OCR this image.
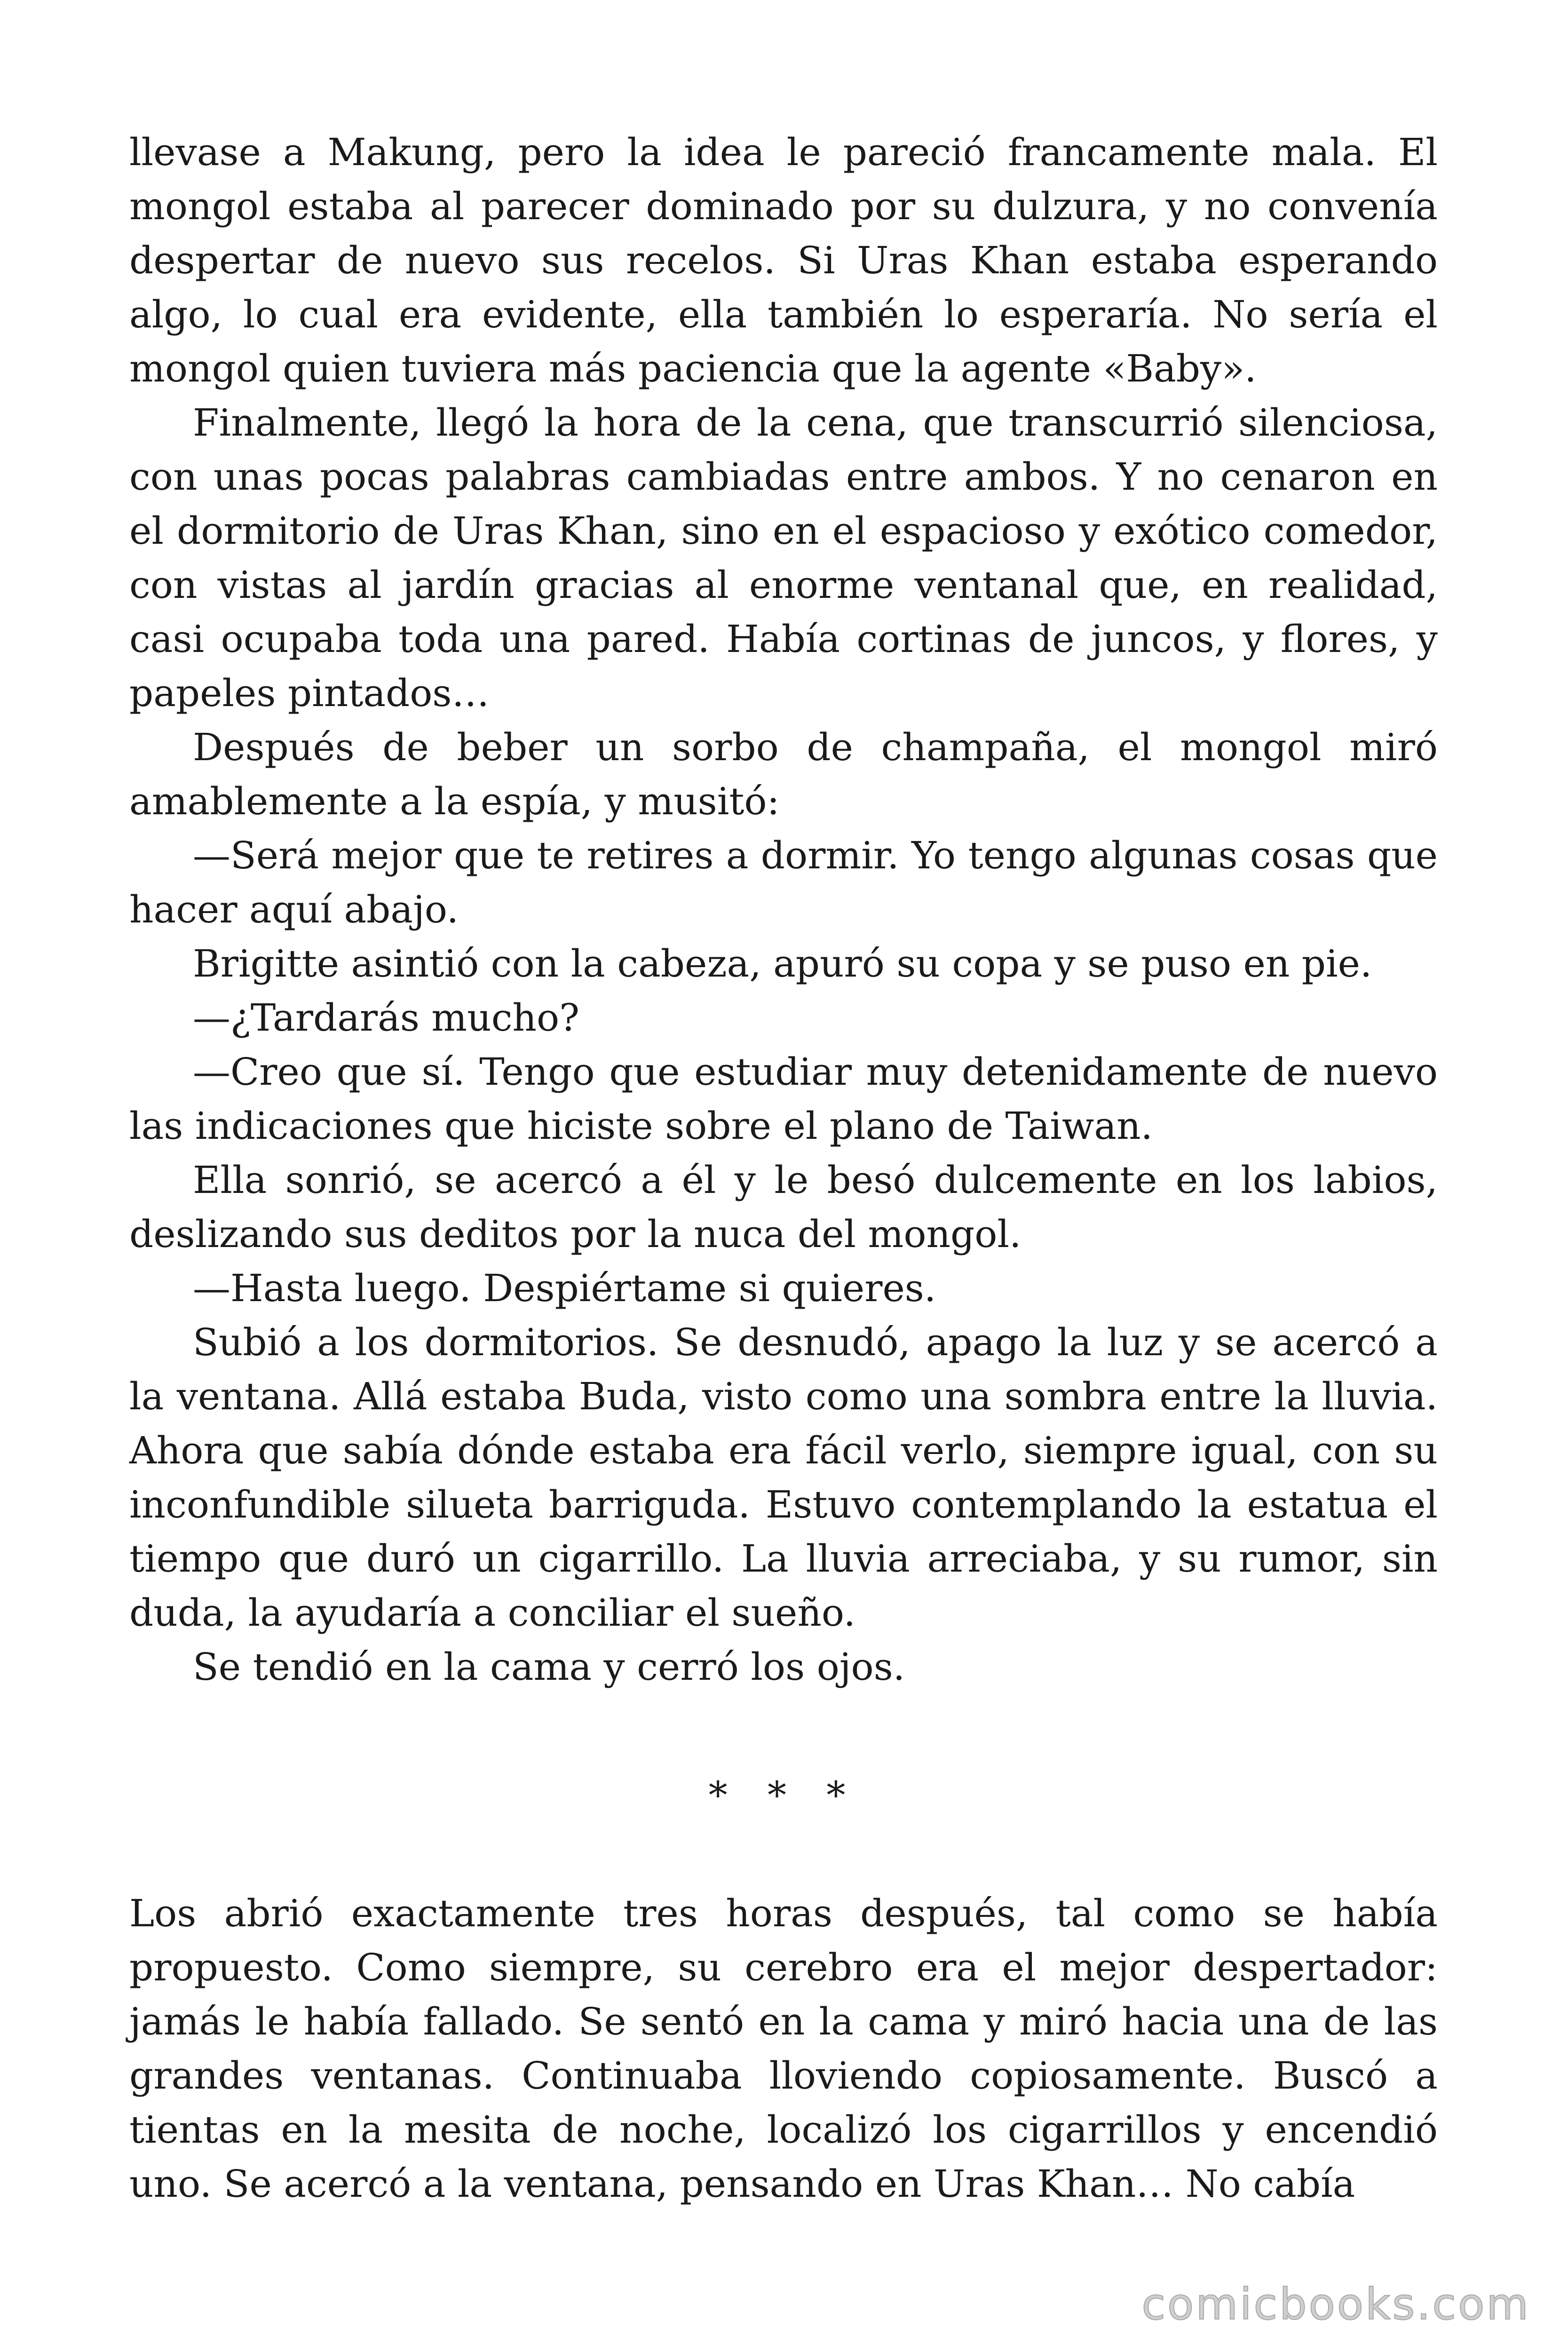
llevase a Makung, pero la idea le pareció francamente mala. El mongol estaba al parecer dominado por su dulzura, y no convenía despertar de nuevo sus recelos. Si Uras Khan estaba esperando algo, lo cual era evidente, ella también lo esperaría. No sería el mongol quien tuviera más paciencia que la agente «Baby».

Finalmente, llegó la hora de la cena, que transcurrió silenciosa, con unas pocas palabras cambiadas entre ambos. Y no cenaron en el dormitorio de Uras Khan, sino en el espacioso y exótico comedor, con vistas al jardín gracias al enorme ventanal que, en realidad, casi ocupaba toda una pared. Había cortinas de juncos, y flores, y papeles pintados…

Después de beber un sorbo de champaña, el mongol miró amablemente a la espía, y musitó:

—Será mejor que te retires a dormir. Yo tengo algunas cosas que hacer aquí abajo.

Brigitte asintió con la cabeza, apuró su copa y se puso en pie.

—¿Tardarás mucho?

—Creo que sí. Tengo que estudiar muy detenidamente de nuevo las indicaciones que hiciste sobre el plano de Taiwan.

Ella sonrió, se acercó a él y le besó dulcemente en los labios, deslizando sus deditos por la nuca del mongol.

—Hasta luego. Despiértame si quieres.

Subió a los dormitorios. Se desnudó, apago la luz y se acercó a la ventana. Allá estaba Buda, visto como una sombra entre la lluvia. Ahora que sabía dónde estaba era fácil verlo, siempre igual, con su inconfundible silueta barriguda. Estuvo contemplando la estatua el tiempo que duró un cigarrillo. La lluvia arreciaba, y su rumor, sin duda, la ayudaría a conciliar el sueño.

Se tendió en la cama y cerró los ojos.

* * *

Los abrió exactamente tres horas después, tal como se había propuesto. Como siempre, su cerebro era el mejor despertador: jamás le había fallado. Se sentó en la cama y miró hacia una de las grandes ventanas. Continuaba lloviendo copiosamente. Buscó a tientas en la mesita de noche, localizó los cigarrillos y encendió uno. Se acercó a la ventana, pensando en Uras Khan… No cabía

comicbooks.com
